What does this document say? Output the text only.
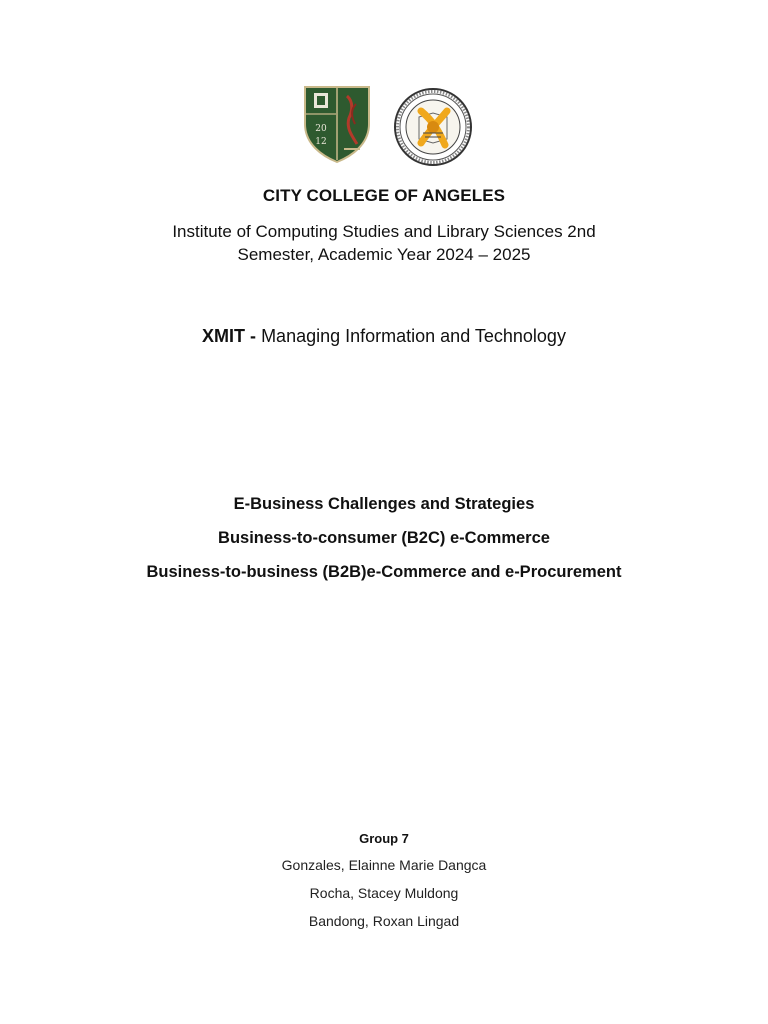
20
12
CITY COLLEGE OF ANGELES
Institute of Computing Studies and Library Sciences 2nd Semester, Academic Year 2024 – 2025
XMIT - Managing Information and Technology
E-Business Challenges and Strategies
Business-to-consumer (B2C) e-Commerce
Business-to-business (B2B)e-Commerce and e-Procurement
Group 7
Gonzales, Elainne Marie Dangca
Rocha, Stacey Muldong
Bandong, Roxan Lingad
